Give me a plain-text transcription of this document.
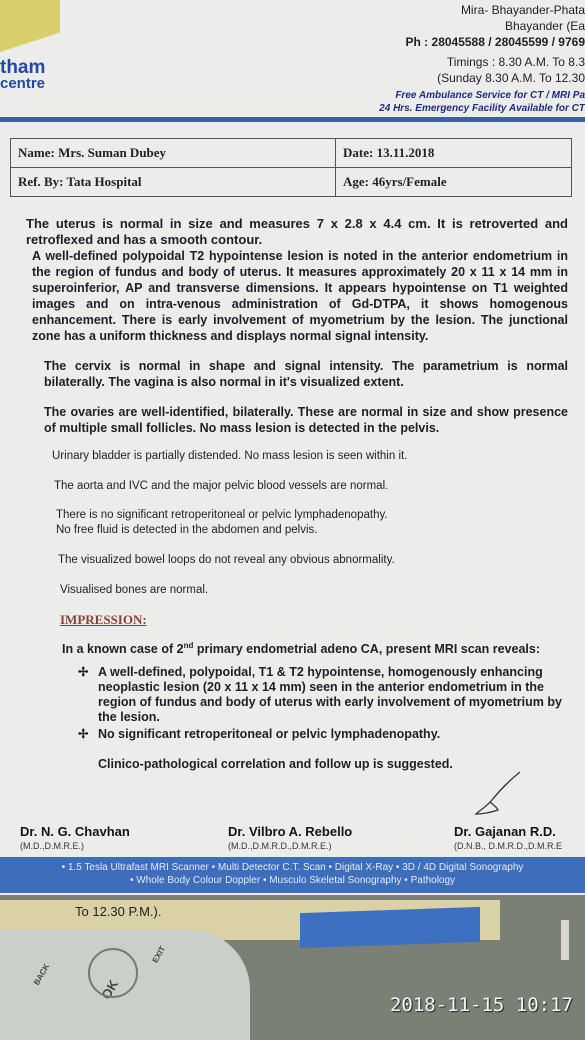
Mira- Bhayander-Phata
Bhayander (Ea
Ph : 28045588 / 28045599 / 9769
Timings : 8.30 A.M. To 8.3
(Sunday 8.30 A.M. To 12.30
tham
centre
Free Ambulance Service for CT / MRI Pa
24 Hrs. Emergency Facility Available for CT
Name: Mrs. Suman Dubey	Date: 13.11.2018
Ref. By: Tata Hospital	Age: 46yrs/Female

The uterus is normal in size and measures 7 x 2.8 x 4.4 cm. It is retroverted and retroflexed and has a smooth contour.

A well-defined polypoidal T2 hypointense lesion is noted in the anterior endometrium in the region of fundus and body of uterus. It measures approximately 20 x 11 x 14 mm in superoinferior, AP and transverse dimensions. It appears hypointense on T1 weighted images and on intra-venous administration of Gd-DTPA, it shows homogenous enhancement. There is early involvement of myometrium by the lesion. The junctional zone has a uniform thickness and displays normal signal intensity.

The cervix is normal in shape and signal intensity. The parametrium is normal bilaterally. The vagina is also normal in it's visualized extent.

The ovaries are well-identified, bilaterally. These are normal in size and show presence of multiple small follicles. No mass lesion is detected in the pelvis.

Urinary bladder is partially distended. No mass lesion is seen within it.

The aorta and IVC and the major pelvic blood vessels are normal.

There is no significant retroperitoneal or pelvic lymphadenopathy.
No free fluid is detected in the abdomen and pelvis.

The visualized bowel loops do not reveal any obvious abnormality.

Visualised bones are normal.

IMPRESSION:
In a known case of 2nd primary endometrial adeno CA, present MRI scan reveals:
✢ A well-defined, polypoidal, T1 & T2 hypointense, homogenously enhancing neoplastic lesion (20 x 11 x 14 mm) seen in the anterior endometrium in the region of fundus and body of uterus with early involvement of myometrium by the lesion.
✢ No significant retroperitoneal or pelvic lymphadenopathy.
Clinico-pathological correlation and follow up is suggested.
Dr. N. G. Chavhan
(M.D.,D.M.R.E.)
Dr. Vilbro A. Rebello
(M.D.,D.M.R.D.,D.M.R.E.)
Dr. Gajanan R.D.
(D.N.B., D.M.R.D.,D.M.R.E
• 1.5 Tesla Ultrafast MRI Scanner • Multi Detector C.T. Scan • Digital X-Ray • 3D / 4D Digital Sonography
• Whole Body Colour Doppler • Musculo Skeletal Sonography • Pathology
To 12.30 P.M.).
OK
BACK
EXIT
2018-11-15 10:17
